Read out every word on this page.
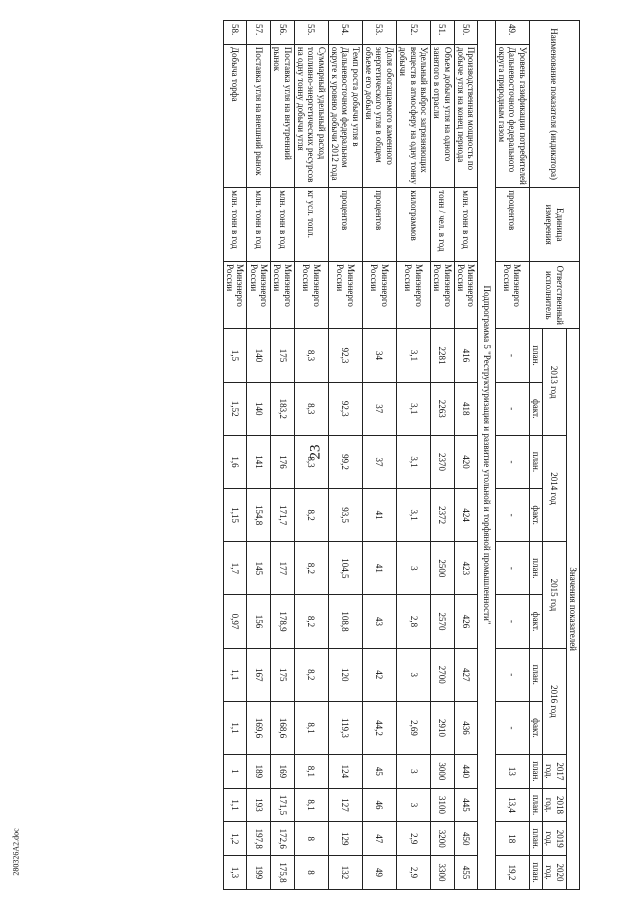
23
280326A2.doc
Наименование показателя (индикатора)		Единица измерения	Ответственный исполнитель	Значения показателей											
				2013 год		2014 год		2015 год		2016 год		2017 год.	2018 год.	2019 год.	2020 год.
				план.	факт.	план.	факт.	план.	факт.	план.	факт.	план.	план.	план.	план.
49.	Уровень газификации потребителей Дальневосточного федерального округа природным газом	процентов	Минэнерго России	-	-	-	-	-	-	-	-	13	13,4	18	19,2
Подпрограмма 5 "Реструктуризация и развитие угольной и торфяной промышленности"															
50.	Производственная мощность по добыче угля на конец периода	млн. тонн в год	Минэнерго России	416	418	420	424	423	426	427	436	440	445	450	455
51.	Объем добычи угля на одного занятого в отрасли	тонн / чел. в год	Минэнерго России	2281	2263	2370	2372	2500	2570	2700	2910	3000	3100	3200	3300
52.	Удельный выброс загрязняющих веществ в атмосферу на одну тонну добычи	килограммов	Минэнерго России	3,1	3,1	3,1	3,1	3	2,8	3	2,69	3	3	2,9	2,9
53.	Доля обогащаемого каменного энергетического угля в общем объеме его добычи	процентов	Минэнерго России	34	37	37	41	41	43	42	44,2	45	46	47	49
54.	Темп роста добычи угля в Дальневосточном федеральном округе к уровню добычи 2012 года	процентов	Минэнерго России	92,3	92,3	99,2	93,5	104,5	108,8	120	119,3	124	127	129	132
55.	Суммарный удельный расход топливно-энергетических ресурсов на одну тонну добычи угля	кг усл. топл.	Минэнерго России	8,3	8,3	8,3	8,2	8,2	8,2	8,2	8,1	8,1	8,1	8	8
56.	Поставка угля на внутренний рынок	млн. тонн в год	Минэнерго России	175	183,2	176	171,7	177	178,9	175	168,6	169	171,5	172,6	175,8
57.	Поставка угля на внешний рынок	млн. тонн в год	Минэнерго России	140	140	141	154,8	145	156	167	169,6	189	193	197,8	199
58.	Добыча торфа	млн. тонн в год	Минэнерго России	1,5	1,52	1,6	1,15	1,7	0,97	1,1	1,1	1	1,1	1,2	1,3
